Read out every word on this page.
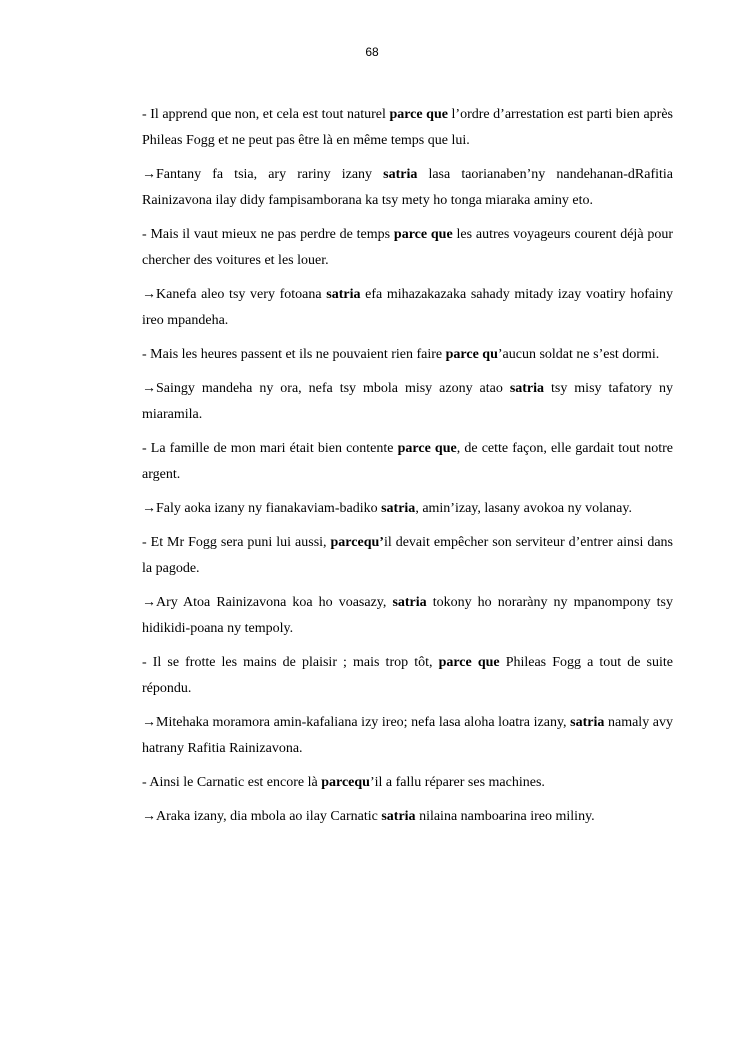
68

- Il apprend que non, et cela est tout naturel parce que l’ordre d’arrestation est parti bien après Phileas Fogg et ne peut pas être là en même temps que lui.

→Fantany fa tsia, ary rariny izany satria lasa taorianaben’ny nandehanan-dRafitia Rainizavona ilay didy fampisamborana ka tsy mety ho tonga miaraka aminy eto.

- Mais il vaut mieux ne pas perdre de temps parce que les autres voyageurs courent déjà pour chercher des voitures et les louer.

→Kanefa aleo tsy very fotoana satria efa mihazakazaka sahady mitady izay voatiry hofainy ireo mpandeha.

- Mais les heures passent et ils ne pouvaient rien faire parce qu’aucun soldat ne s’est dormi.

→Saingy mandeha ny ora, nefa tsy mbola misy azony atao satria tsy misy tafatory ny miaramila.

- La famille de mon mari était bien contente parce que, de cette façon, elle gardait tout notre argent.

→Faly aoka izany ny fianakaviam-badiko satria, amin’izay, lasany avokoa ny volanay.

- Et Mr Fogg sera puni lui aussi, parcequ’il devait empêcher son serviteur d’entrer ainsi dans la pagode.

→Ary Atoa Rainizavona koa ho voasazy, satria tokony ho noraràny ny mpanompony tsy hidikidi-poana ny tempoly.

- Il se frotte les mains de plaisir ; mais trop tôt, parce que Phileas Fogg a tout de suite répondu.

→Mitehaka moramora amin-kafaliana izy ireo; nefa lasa aloha loatra izany, satria namaly avy hatrany Rafitia Rainizavona.

- Ainsi le Carnatic est encore là parcequ’il a fallu réparer ses machines.

→Araka izany, dia mbola ao ilay Carnatic satria nilaina namboarina ireo miliny.
